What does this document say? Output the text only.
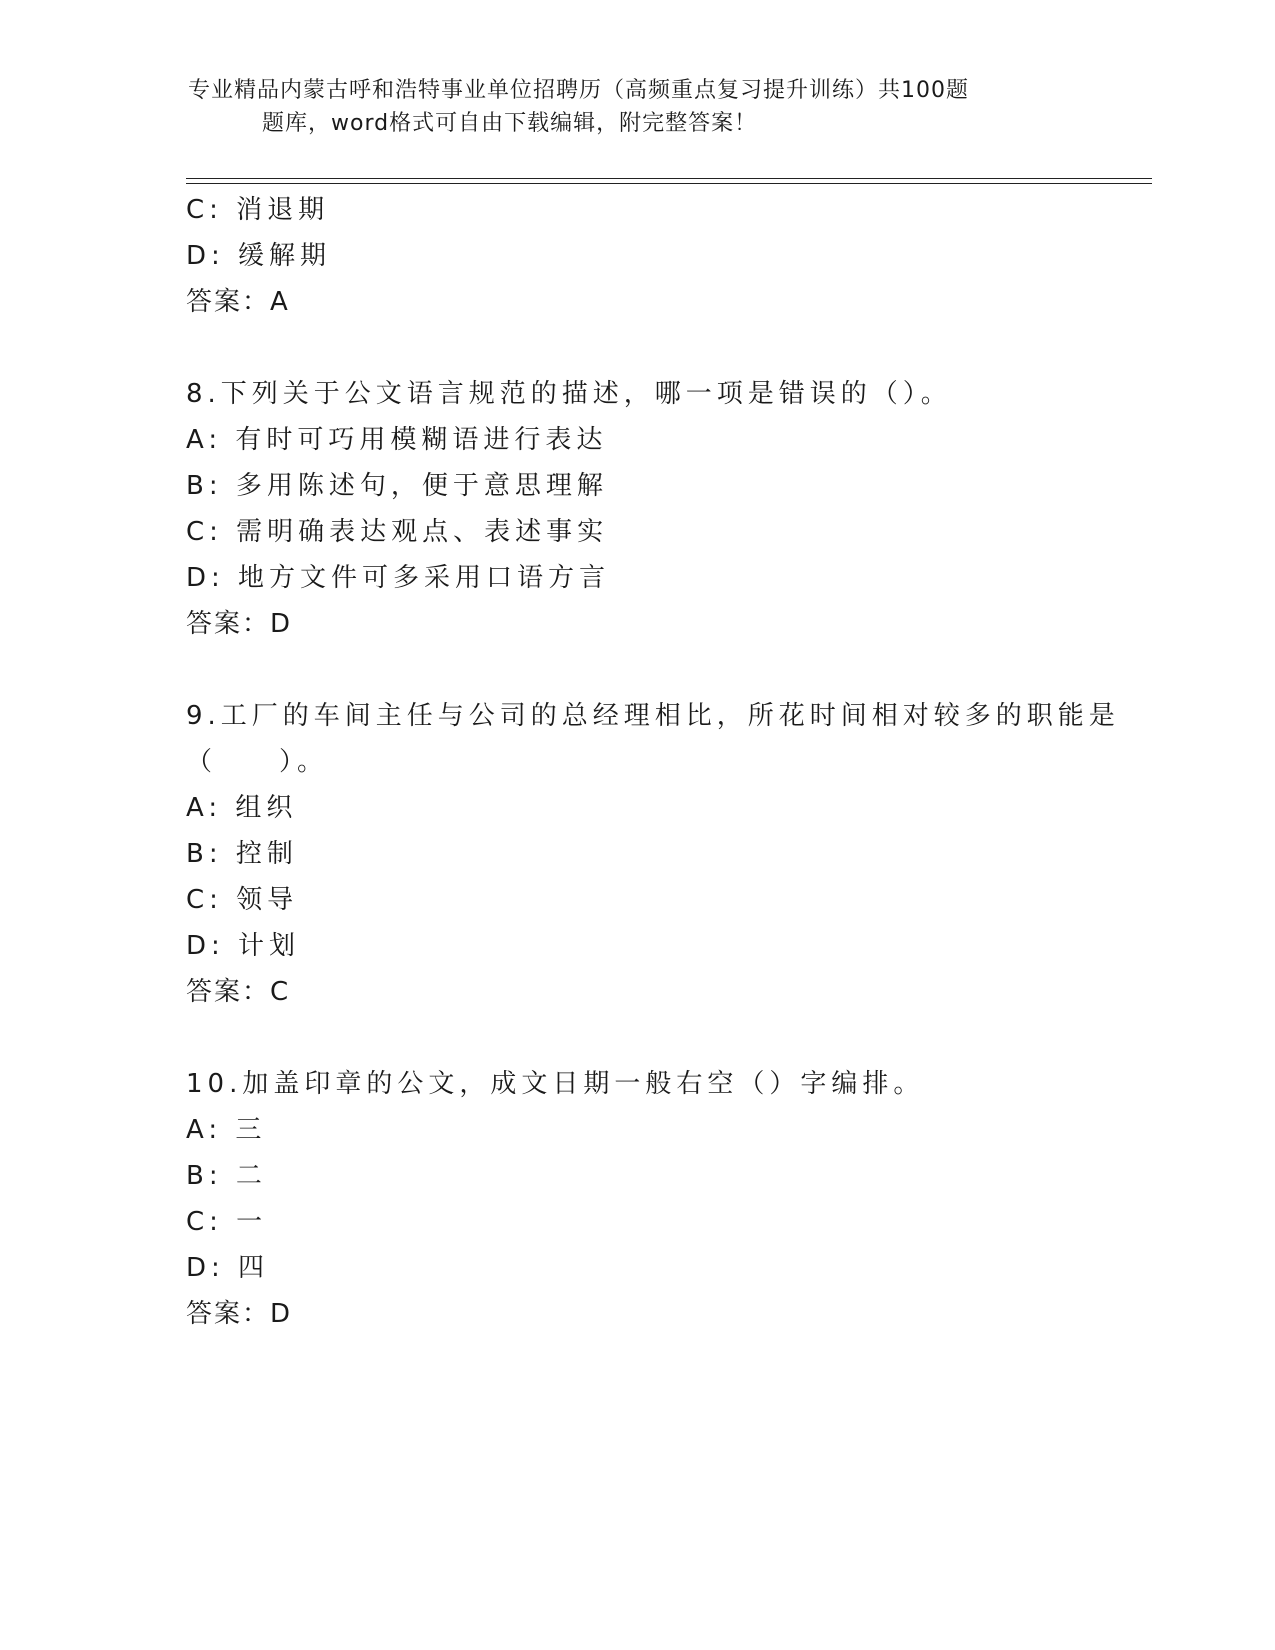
专业精品内蒙古呼和浩特事业单位招聘历（高频重点复习提升训练）共100题
题库，word格式可自由下载编辑，附完整答案！
C: 消退期
D: 缓解期
答案：A
8.下列关于公文语言规范的描述，哪一项是错误的（）。
A: 有时可巧用模糊语进行表达
B: 多用陈述句，便于意思理解
C: 需明确表达观点、表述事实
D: 地方文件可多采用口语方言
答案：D
9.工厂的车间主任与公司的总经理相比，所花时间相对较多的职能是
（　　）。
A: 组织
B: 控制
C: 领导
D: 计划
答案：C
10.加盖印章的公文，成文日期一般右空（）字编排。
A: 三
B: 二
C: 一
D: 四
答案：D
